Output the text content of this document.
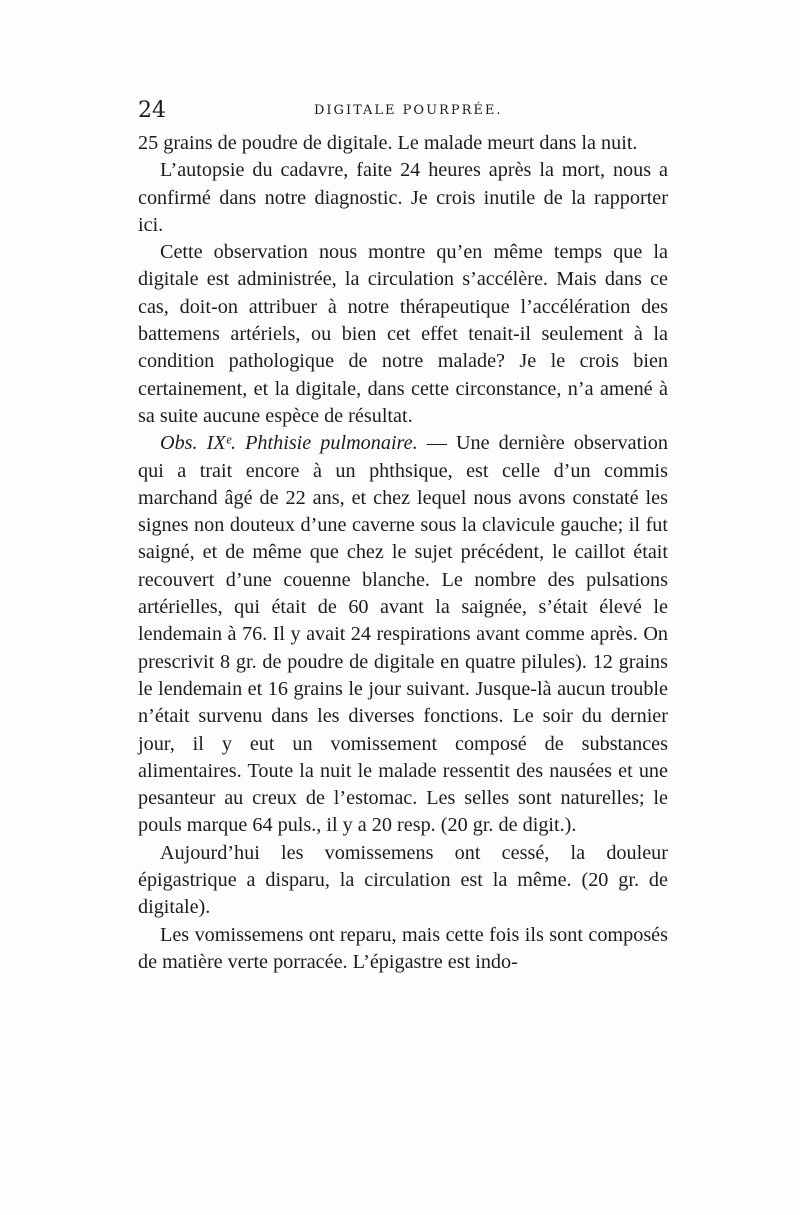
24	DIGITALE POURPRÉE.

25 grains de poudre de digitale. Le malade meurt dans la nuit.

L’autopsie du cadavre, faite 24 heures après la mort, nous a confirmé dans notre diagnostic. Je crois inutile de la rapporter ici.

Cette observation nous montre qu’en même temps que la digitale est administrée, la circulation s’accélère. Mais dans ce cas, doit-on attribuer à notre thérapeutique l’accélération des battemens artériels, ou bien cet effet tenait-il seulement à la condition pathologique de notre malade? Je le crois bien certainement, et la digitale, dans cette circonstance, n’a amené à sa suite aucune espèce de résultat.

Obs. IXᵉ. Phthisie pulmonaire. — Une dernière observation qui a trait encore à un phthsique, est celle d’un commis marchand âgé de 22 ans, et chez lequel nous avons constaté les signes non douteux d’une caverne sous la clavicule gauche; il fut saigné, et de même que chez le sujet précédent, le caillot était recouvert d’une couenne blanche. Le nombre des pulsations artérielles, qui était de 60 avant la saignée, s’était élevé le lendemain à 76. Il y avait 24 respirations avant comme après. On prescrivit 8 gr. de poudre de digitale en quatre pilules). 12 grains le lendemain et 16 grains le jour suivant. Jusque-là aucun trouble n’était survenu dans les diverses fonctions. Le soir du dernier jour, il y eut un vomissement composé de substances alimentaires. Toute la nuit le malade ressentit des nausées et une pesanteur au creux de l’estomac. Les selles sont naturelles; le pouls marque 64 puls., il y a 20 resp. (20 gr. de digit.).

Aujourd’hui les vomissemens ont cessé, la douleur épigastrique a disparu, la circulation est la même. (20 gr. de digitale).

Les vomissemens ont reparu, mais cette fois ils sont composés de matière verte porracée. L’épigastre est indo-
